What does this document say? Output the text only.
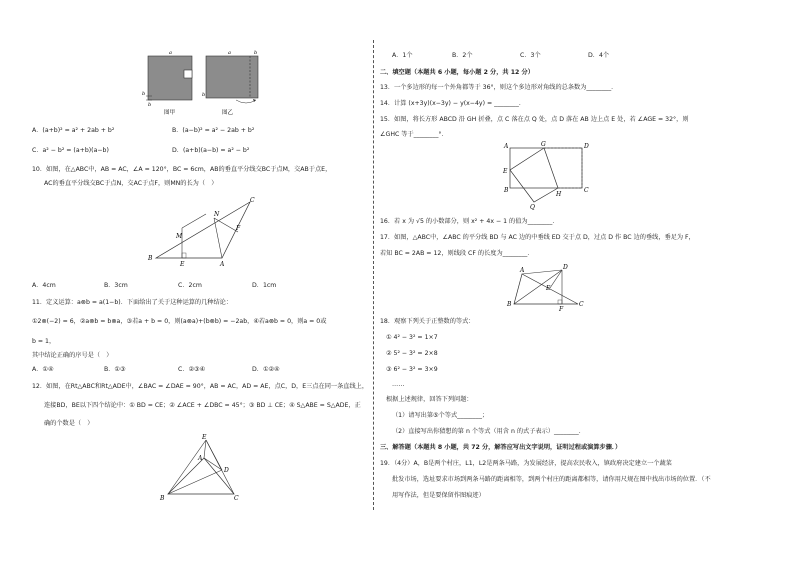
a
b
b
图甲
a	b
b
图乙
A．(a+b)² = a² + 2ab + b²	B．(a−b)² = a² − 2ab + b²
C．a² − b² = (a+b)(a−b)	D．(a+b)(a−b) = a² − b²
10．如图，在△ABC中，AB = AC，∠A = 120°，BC = 6cm，AB的垂直平分线交BC于点M，交AB于点E，
AC的垂直平分线交BC于点N，交AC于点F，则MN的长为（　）
C
N
F
M
B
E	A
A．4cm	B．3cm	C．2cm	D．1cm
11．定义运算：a⊗b = a(1−b)．下面给出了关于这种运算的几种结论：
①2⊗(−2) = 6，②a⊗b = b⊗a，③若a + b = 0，则(a⊗a)+(b⊗b) = −2ab，④若a⊗b = 0，则a = 0或
b = 1，
其中结论正确的序号是（　）
A．①④	B．①③	C．②③④	D．①②④
12．如图，在Rt△ABC和Rt△ADE中，∠BAC = ∠DAE = 90°，AB = AC，AD = AE，点C，D，E三点在同一条直线上，
连接BD，BE以下四个结论中：① BD = CE；② ∠ACE + ∠DBC = 45°；③ BD ⊥ CE；④ S△ABE = S△ADE，正
确的个数是（　）
E
A
D
B	C
A．1个	B．2个	C．3个	D．4个
二、填空题（本题共 6 小题，每小题 2 分，共 12 分）
13．一个多边形的每一个外角都等于 36°，则这个多边形对角线的总条数为________．
14．计算 (x+3y)(x−3y) − y(x−4y) = ________．
15．如图，将长方形 ABCD 沿 GH 折叠，点 C 落在点 Q 处，点 D 落在 AB 边上点 E 处，若 ∠AGE = 32°，则
∠GHC 等于________°．
A	G	D
E
B
H
C
Q
16．若 x 为 √5 的小数部分，则 x² + 4x − 1 的值为________．
17．如图，△ABC中，∠ABC 的平分线 BD 与 AC 边的中垂线 ED 交于点 D，过点 D 作 BC 边的垂线，垂足为 F，
若知 BC = 2AB = 12，则线段 CF 的长度为________．
A	D
E
B
F
C
18．观察下列关于正整数的等式：
① 4² − 3² = 1×7
② 5² − 3² = 2×8
③ 6² − 3² = 3×9
……
根据上述规律，回答下列问题：
（1）请写出第⑤个等式________；
（2）直接写出你猜想的第 n 个等式（用含 n 的式子表示）________．
三、解答题（本题共 8 小题，共 72 分，解答应写出文字说明，证明过程或演算步骤．）
19．（4分）A，B是两个村庄，L1，L2是两条马路，为发展经济，提高农民收入，镇政府决定建立一个蔬菜
批发市场，选址要求市场到两条马路的距离相等，到两个村庄的距离都相等，请你用尺规在图中找出市场的位置．（不
用写作法，但是要保留作图痕迹）
